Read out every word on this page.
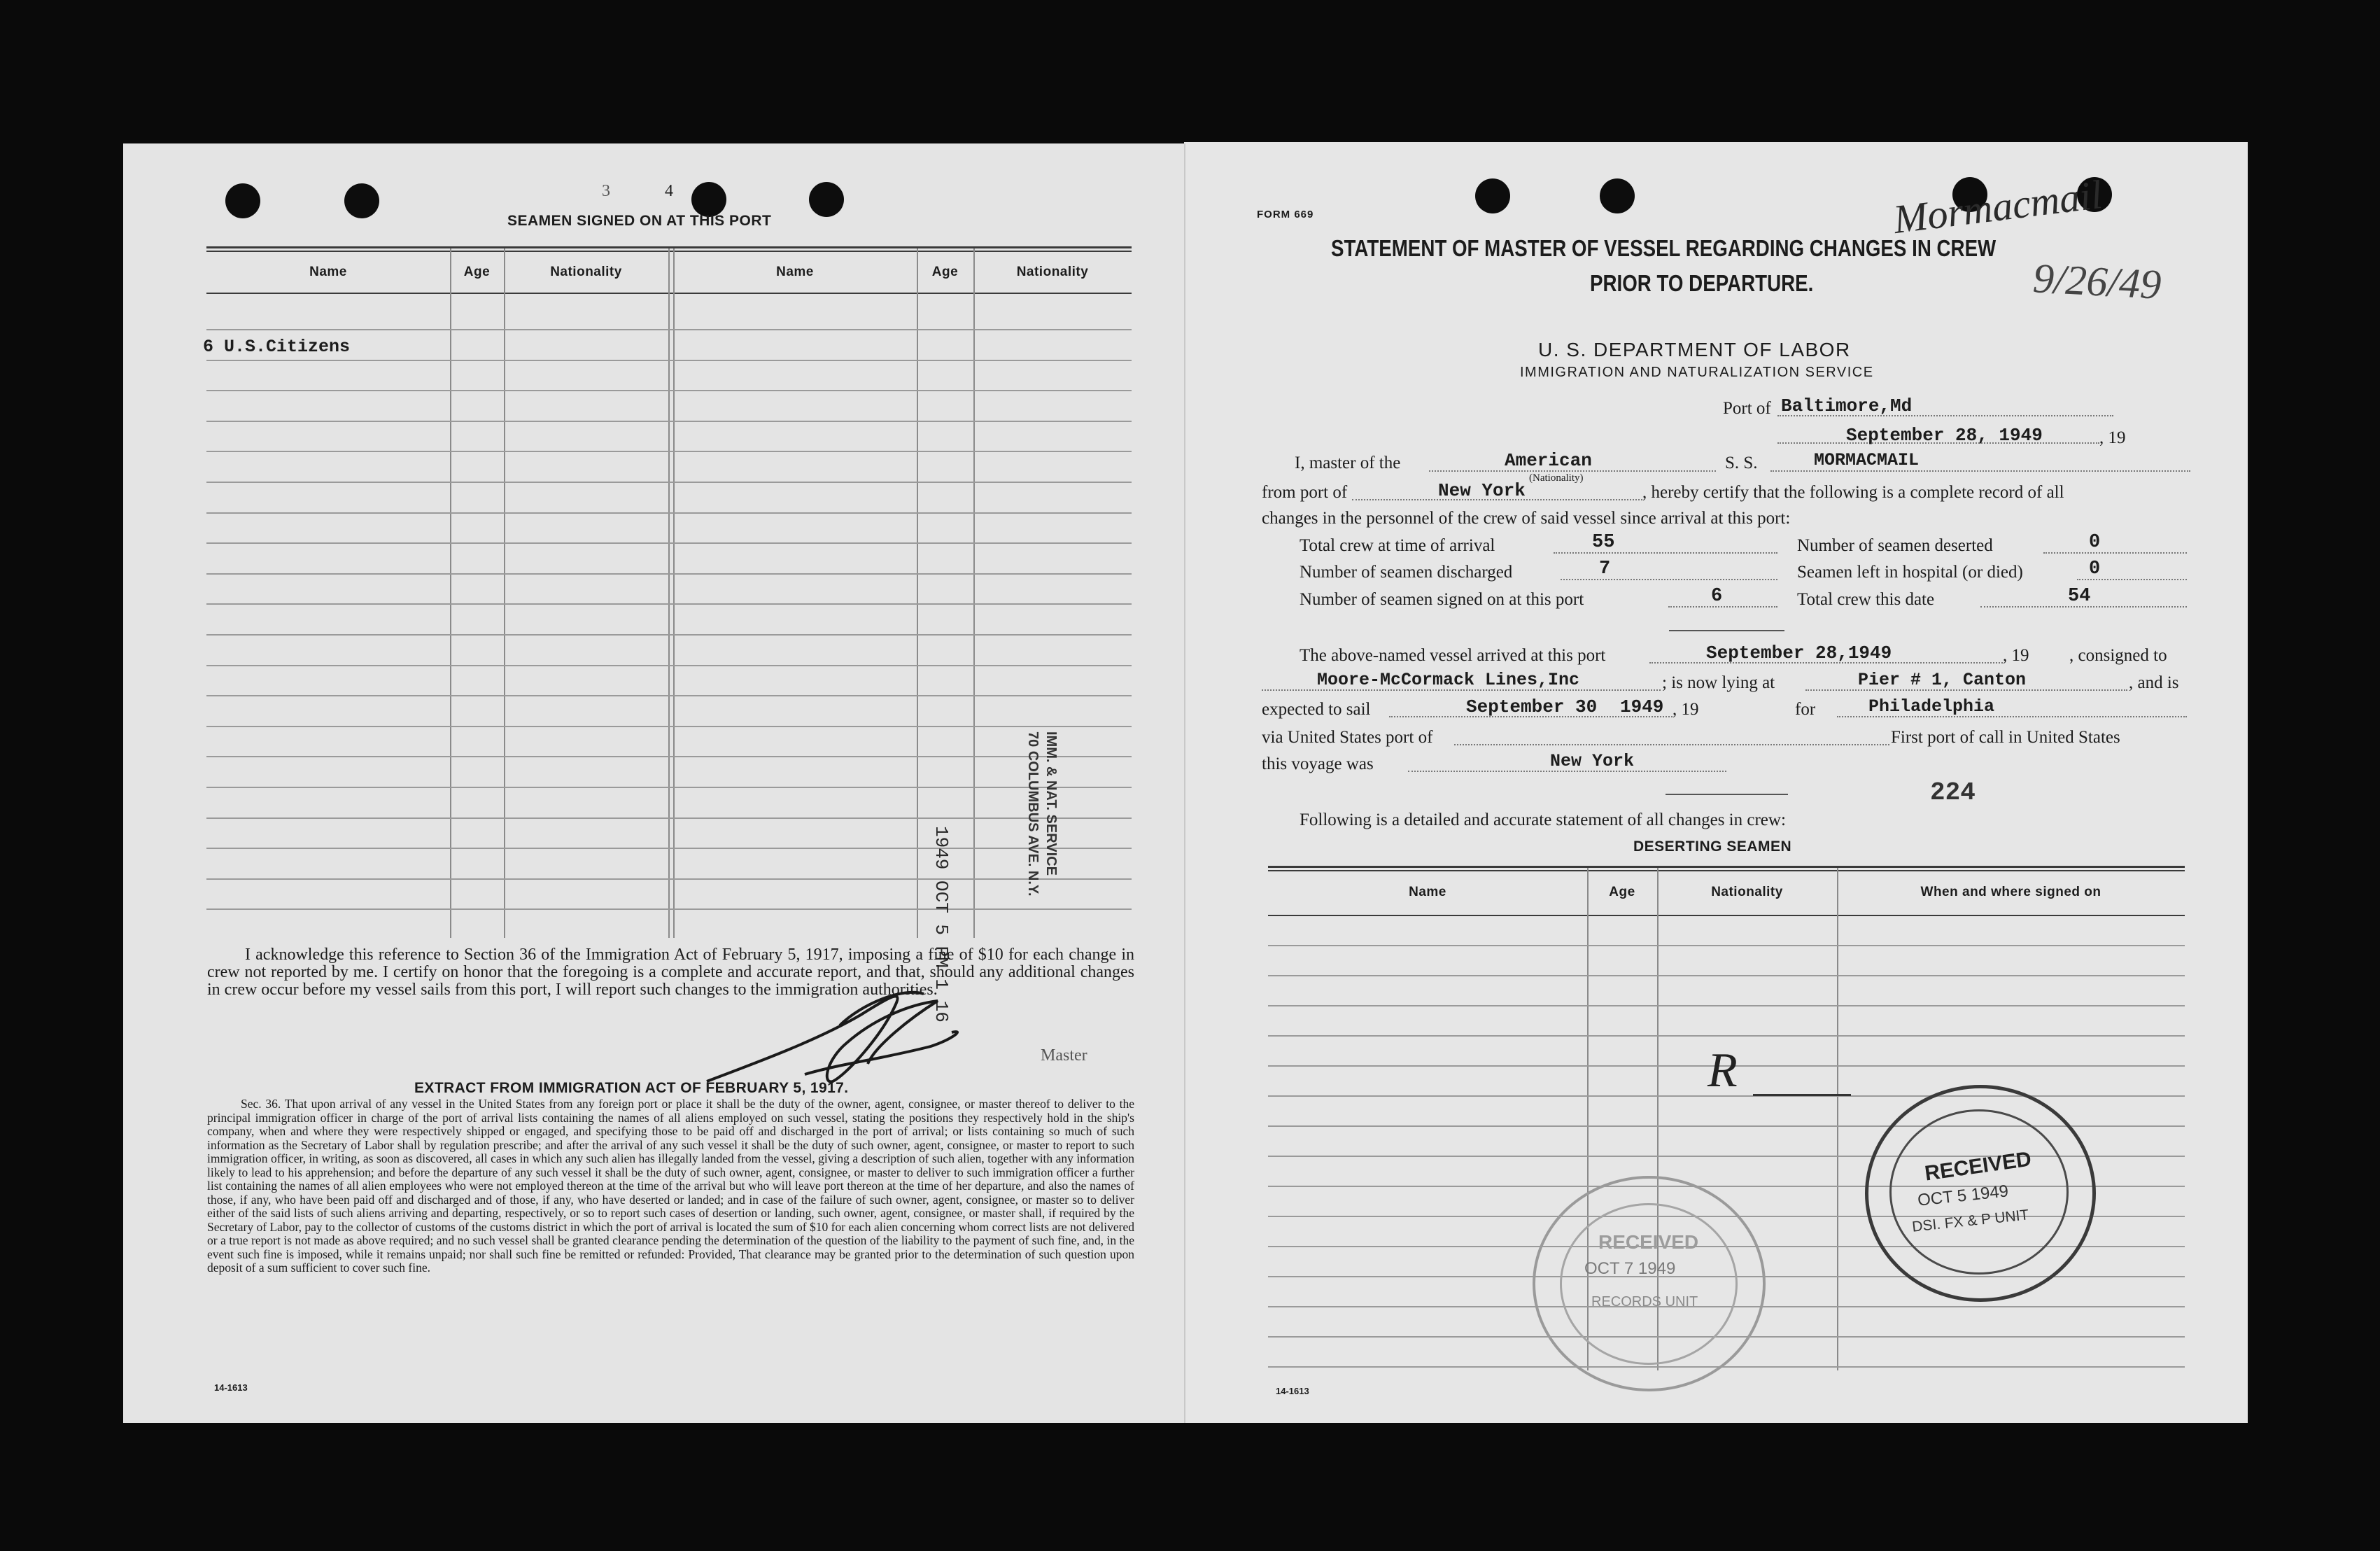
3	4
SEAMEN SIGNED ON AT THIS PORT
Name	Age	Nationality	Name	Age	Nationality
6 U.S.Citizens
1949 OCT 5 PM 1 16
IMM. & NAT. SERVICE
70 COLUMBUS AVE. N.Y.
I acknowledge this reference to Section 36 of the Immigration Act of February 5, 1917, imposing a fine of $10 for each change in crew not reported by me. I certify on honor that the foregoing is a complete and accurate report, and that, should any additional changes in crew occur before my vessel sails from this port, I will report such changes to the immigration authorities.
Master
EXTRACT FROM IMMIGRATION ACT OF FEBRUARY 5, 1917.
Sec. 36. That upon arrival of any vessel in the United States from any foreign port or place it shall be the duty of the owner, agent, consignee, or master thereof to deliver to the principal immigration officer in charge of the port of arrival lists containing the names of all aliens employed on such vessel, stating the positions they respectively hold in the ship's company, when and where they were respectively shipped or engaged, and specifying those to be paid off and discharged in the port of arrival; or lists containing so much of such information as the Secretary of Labor shall by regulation prescribe; and after the arrival of any such vessel it shall be the duty of such owner, agent, consignee, or master to report to such immigration officer, in writing, as soon as discovered, all cases in which any such alien has illegally landed from the vessel, giving a description of such alien, together with any information likely to lead to his apprehension; and before the departure of any such vessel it shall be the duty of such owner, agent, consignee, or master to deliver to such immigration officer a further list containing the names of all alien employees who were not employed thereon at the time of the arrival but who will leave port thereon at the time of her departure, and also the names of those, if any, who have been paid off and discharged and of those, if any, who have deserted or landed; and in case of the failure of such owner, agent, consignee, or master so to deliver either of the said lists of such aliens arriving and departing, respectively, or so to report such cases of desertion or landing, such owner, agent, consignee, or master shall, if required by the Secretary of Labor, pay to the collector of customs of the customs district in which the port of arrival is located the sum of $10 for each alien concerning whom correct lists are not delivered or a true report is not made as above required; and no such vessel shall be granted clearance pending the determination of the question of the liability to the payment of such fine, and, in the event such fine is imposed, while it remains unpaid; nor shall such fine be remitted or refunded: Provided, That clearance may be granted prior to the determination of such question upon deposit of a sum sufficient to cover such fine.
14-1613
FORM 669
STATEMENT OF MASTER OF VESSEL REGARDING CHANGES IN CREW
PRIOR TO DEPARTURE.
Mormacmail
9/26/49
U. S. DEPARTMENT OF LABOR
IMMIGRATION AND NATURALIZATION SERVICE
Port of Baltimore,Md
September 28, 1949	, 19
I, master of the	American
(Nationality)
S. S.	MORMACMAIL
from port of	New York	, hereby certify that the following is a complete record of all
changes in the personnel of the crew of said vessel since arrival at this port:
Total crew at time of arrival	55	Number of seamen deserted	0
Number of seamen discharged	7	Seamen left in hospital (or died)	0
Number of seamen signed on at this port	6	Total crew this date	54
The above-named vessel arrived at this port	September 28,1949	, 19 , consigned to
Moore-McCormack Lines,Inc	; is now lying at	Pier # 1, Canton	, and is
expected to sail	September 30 1949 , 19	for	Philadelphia
via United States port of	First port of call in United States
this voyage was	New York
224
Following is a detailed and accurate statement of all changes in crew:
DESERTING SEAMEN
Name	Age	Nationality	When and where signed on
R
RECEIVED
OCT 5 1949
DSI. FX & P UNIT
RECEIVED
OCT 7 1949
RECORDS UNIT
14-1613
